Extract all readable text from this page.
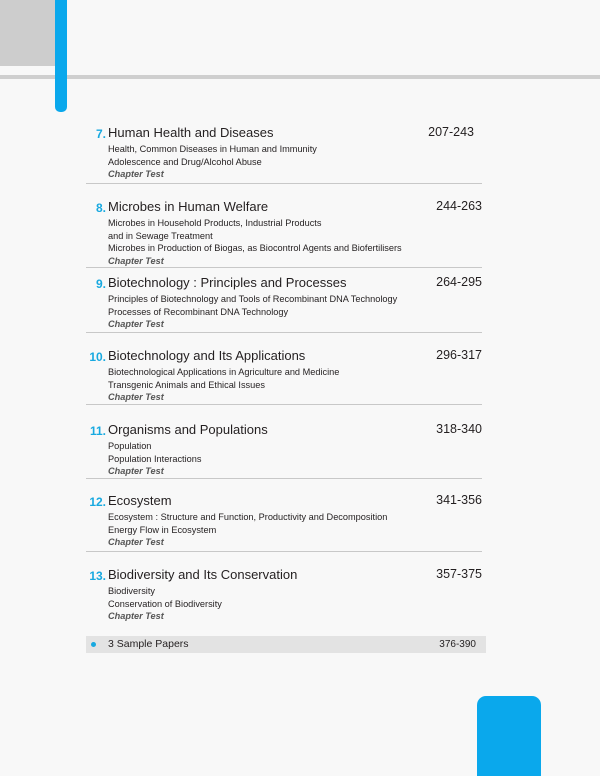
7. Human Health and Diseases	207-243
Health, Common Diseases in Human and Immunity
Adolescence and Drug/Alcohol Abuse
Chapter Test
8. Microbes in Human Welfare	244-263
Microbes in Household Products, Industrial Products
and in Sewage Treatment
Microbes in Production of Biogas, as Biocontrol Agents and Biofertilisers
Chapter Test
9. Biotechnology : Principles and Processes	264-295
Principles of Biotechnology and Tools of Recombinant DNA Technology
Processes of Recombinant DNA Technology
Chapter Test
10. Biotechnology and Its Applications	296-317
Biotechnological Applications in Agriculture and Medicine
Transgenic Animals and Ethical Issues
Chapter Test
11. Organisms and Populations	318-340
Population
Population Interactions
Chapter Test
12. Ecosystem	341-356
Ecosystem : Structure and Function, Productivity and Decomposition
Energy Flow in Ecosystem
Chapter Test
13. Biodiversity and Its Conservation	357-375
Biodiversity
Conservation of Biodiversity
Chapter Test
3 Sample Papers	376-390
